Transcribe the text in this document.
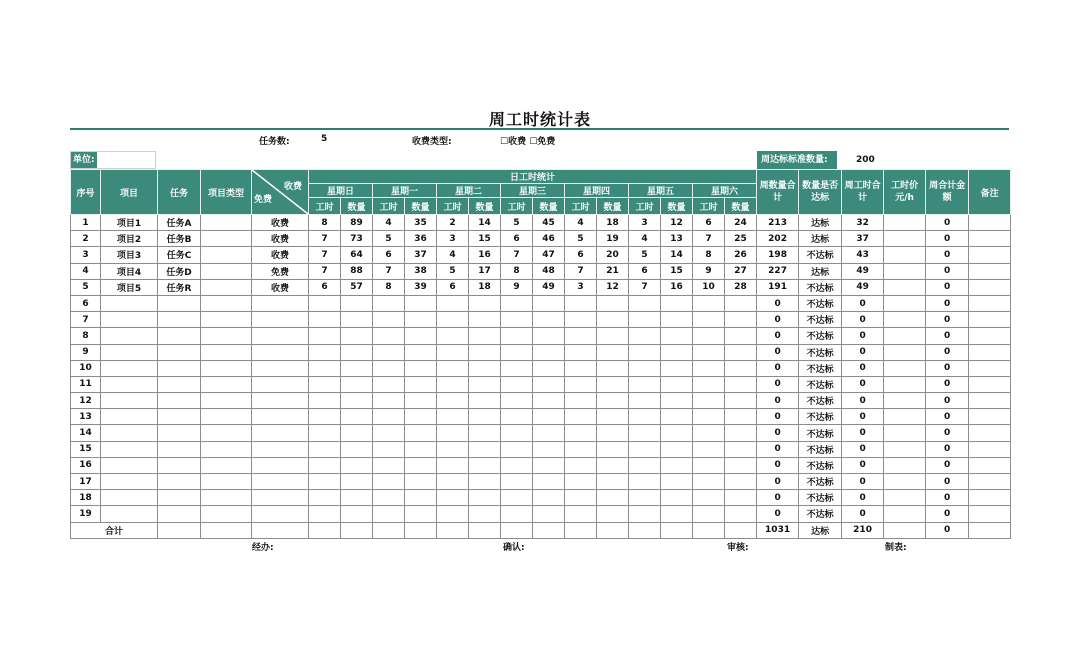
周工时统计表
任务数:	5	收费类型:	☐收费 ☐免费
单位:	周达标标准数量:	200
序号	项目	任务	项目类型	收费
免费	日工时统计														周数量合计	数量是否达标	周工时合计	工时价元/h	周合计金额	备注
					星期日		星期一		星期二		星期三		星期四		星期五		星期六							
					工时	数量	工时	数量	工时	数量	工时	数量	工时	数量	工时	数量	工时	数量						
1	项目1	任务A		收费	8	89	4	35	2	14	5	45	4	18	3	12	6	24	213	达标	32		0	
2	项目2	任务B		收费	7	73	5	36	3	15	6	46	5	19	4	13	7	25	202	达标	37		0	
3	项目3	任务C		收费	7	64	6	37	4	16	7	47	6	20	5	14	8	26	198	不达标	43		0	
4	项目4	任务D		免费	7	88	7	38	5	17	8	48	7	21	6	15	9	27	227	达标	49		0	
5	项目5	任务R		收费	6	57	8	39	6	18	9	49	3	12	7	16	10	28	191	不达标	49		0	
6																			0	不达标	0		0	
7																			0	不达标	0		0	
8																			0	不达标	0		0	
9																			0	不达标	0		0	
10																			0	不达标	0		0	
11																			0	不达标	0		0	
12																			0	不达标	0		0	
13																			0	不达标	0		0	
14																			0	不达标	0		0	
15																			0	不达标	0		0	
16																			0	不达标	0		0	
17																			0	不达标	0		0	
18																			0	不达标	0		0	
19																			0	不达标	0		0	
合计																			1031	达标	210		0	
经办:	确认:	审核:	制表:
